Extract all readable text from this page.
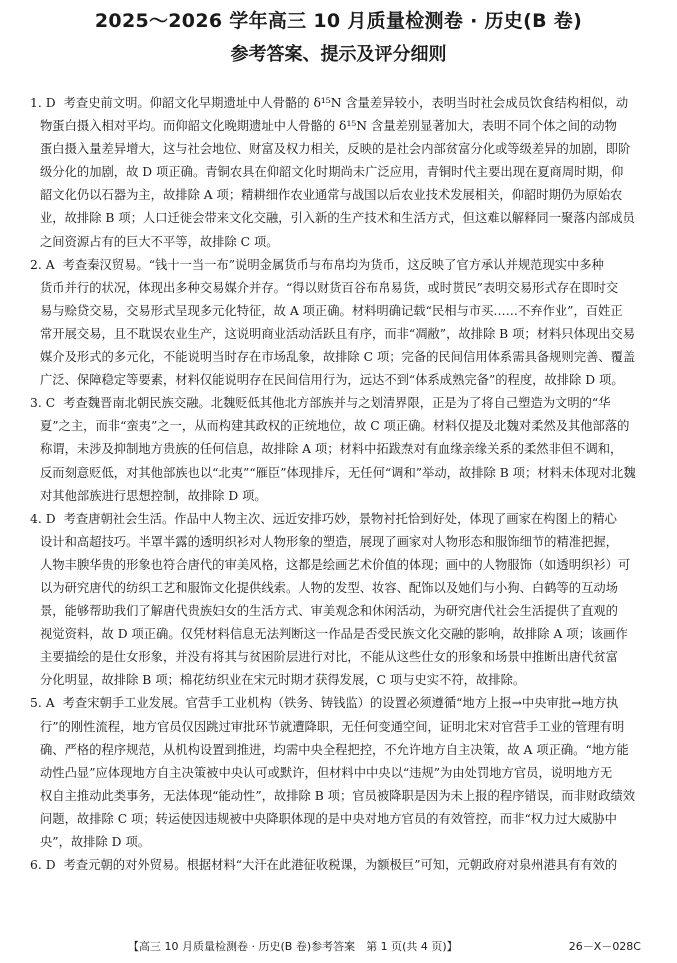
2025～2026 学年高三 10 月质量检测卷 · 历史(B 卷)
参考答案、提示及评分细则
1. D 考查史前文明。仰韶文化早期遗址中人骨骼的 δ¹⁵N 含量差异较小，表明当时社会成员饮食结构相似，动
物蛋白摄入相对平均。而仰韶文化晚期遗址中人骨骼的 δ¹⁵N 含量差别显著加大，表明不同个体之间的动物
蛋白摄入量差异增大，这与社会地位、财富及权力相关，反映的是社会内部贫富分化或等级差异的加剧，即阶
级分化的加剧，故 D 项正确。青铜农具在仰韶文化时期尚未广泛应用，青铜时代主要出现在夏商周时期，仰
韶文化仍以石器为主，故排除 A 项；精耕细作农业通常与战国以后农业技术发展相关，仰韶时期仍为原始农
业，故排除 B 项；人口迁徙会带来文化交融，引入新的生产技术和生活方式，但这难以解释同一聚落内部成员
之间资源占有的巨大不平等，故排除 C 项。
2. A 考查秦汉贸易。“钱十一当一布”说明金属货币与布帛均为货币，这反映了官方承认并规范现实中多种
货币并行的状况，体现出多种交易媒介并存。“得以财货百谷布帛易货，或时贳民”表明交易形式存在即时交
易与赊贷交易，交易形式呈现多元化特征，故 A 项正确。材料明确记载“民相与市买……不弃作业”，百姓正
常开展交易，且不耽误农业生产，这说明商业活动活跃且有序，而非“凋敝”，故排除 B 项；材料只体现出交易
媒介及形式的多元化，不能说明当时存在市场乱象，故排除 C 项；完备的民间信用体系需具备规则完善、覆盖
广泛、保障稳定等要素，材料仅能说明存在民间信用行为，远达不到“体系成熟完备”的程度，故排除 D 项。
3. C 考查魏晋南北朝民族交融。北魏贬低其他北方部族并与之划清界限，正是为了将自己塑造为文明的“华
夏”之主，而非“蛮夷”之一，从而构建其政权的正统地位，故 C 项正确。材料仅提及北魏对柔然及其他部落的
称谓，未涉及抑制地方贵族的任何信息，故排除 A 项；材料中拓跋焘对有血缘亲缘关系的柔然非但不调和，
反而刻意贬低，对其他部族也以“北夷”“雁臣”体现排斥，无任何“调和”举动，故排除 B 项；材料未体现对北魏
对其他部族进行思想控制，故排除 D 项。
4. D 考查唐朝社会生活。作品中人物主次、远近安排巧妙，景物衬托恰到好处，体现了画家在构图上的精心
设计和高超技巧。半罩半露的透明织衫对人物形象的塑造，展现了画家对人物形态和服饰细节的精准把握，
人物丰腴华贵的形象也符合唐代的审美风格，这都是绘画艺术价值的体现；画中的人物服饰（如透明织衫）可
以为研究唐代的纺织工艺和服饰文化提供线索。人物的发型、妆容、配饰以及她们与小狗、白鹤等的互动场
景，能够帮助我们了解唐代贵族妇女的生活方式、审美观念和休闲活动，为研究唐代社会生活提供了直观的
视觉资料，故 D 项正确。仅凭材料信息无法判断这一作品是否受民族文化交融的影响，故排除 A 项；该画作
主要描绘的是仕女形象，并没有将其与贫困阶层进行对比，不能从这些仕女的形象和场景中推断出唐代贫富
分化明显，故排除 B 项；棉花纺织业在宋元时期才获得发展，C 项与史实不符，故排除。
5. A 考查宋朝手工业发展。官营手工业机构（铁务、铸钱监）的设置必须遵循“地方上报→中央审批→地方执
行”的刚性流程，地方官员仅因跳过审批环节就遭降职，无任何变通空间，证明北宋对官营手工业的管理有明
确、严格的程序规范，从机构设置到推进，均需中央全程把控，不允许地方自主决策，故 A 项正确。“地方能
动性凸显”应体现地方自主决策被中央认可或默许，但材料中中央以“违规”为由处罚地方官员，说明地方无
权自主推动此类事务，无法体现“能动性”，故排除 B 项；官员被降职是因为未上报的程序错误，而非财政绩效
问题，故排除 C 项；转运使因违规被中央降职体现的是中央对地方官员的有效管控，而非“权力过大威胁中
央”，故排除 D 项。
6. D 考查元朝的对外贸易。根据材料“大汗在此港征收税课，为额极巨”可知，元朝政府对泉州港具有有效的
【高三 10 月质量检测卷 · 历史(B 卷)参考答案　第 1 页(共 4 页)】	26－X－028C
